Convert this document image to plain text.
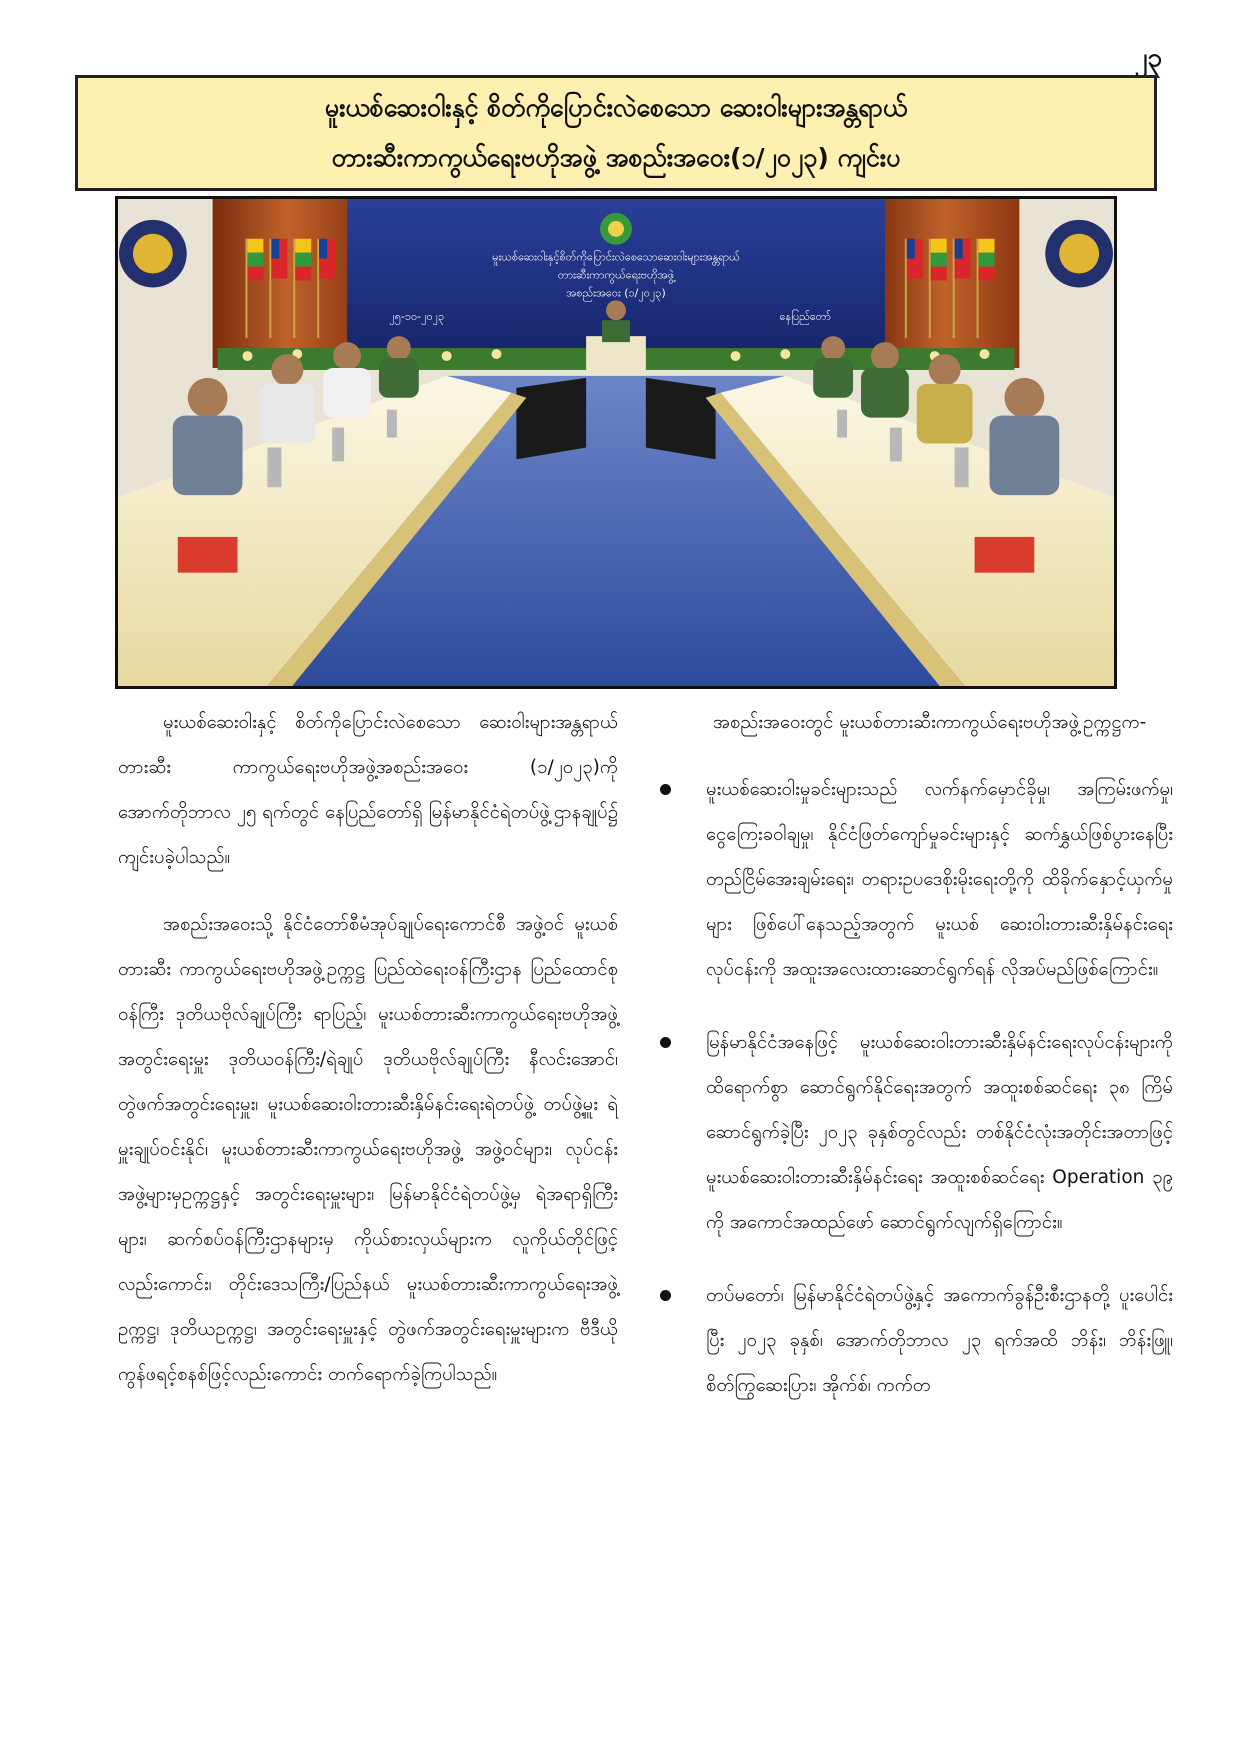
၂၃
မူးယစ်ဆေးဝါးနှင့် စိတ်ကိုပြောင်းလဲစေသော ဆေးဝါးများအန္တရာယ်
တားဆီးကာကွယ်ရေးဗဟိုအဖွဲ့ အစည်းအဝေး(၁/၂၀၂၃) ကျင်းပ
မူးယစ်ဆေးဝါးနှင့်စိတ်ကိုပြောင်းလဲစေသောဆေးဝါးများအန္တရာယ်
တားဆီးကာကွယ်ရေးဗဟိုအဖွဲ့
အစည်းအဝေး (၁/၂၀၂၃)
၂၅-၁၀-၂၀၂၃	နေပြည်တော်

မူးယစ်ဆေးဝါးနှင့် စိတ်ကိုပြောင်းလဲစေသော ဆေးဝါးများအန္တရာယ် တားဆီး ကာကွယ်ရေးဗဟိုအဖွဲ့အစည်းအဝေး (၁/၂၀၂၃)ကို အောက်တိုဘာလ ၂၅ ရက်တွင် နေပြည်တော်ရှိ မြန်မာနိုင်ငံရဲတပ်ဖွဲ့ဌာနချုပ်၌ ကျင်းပခဲ့ပါသည်။

အစည်းအဝေးသို့ နိုင်ငံတော်စီမံအုပ်ချုပ်ရေးကောင်စီ အဖွဲ့ဝင် မူးယစ်တားဆီး ကာကွယ်ရေးဗဟိုအဖွဲ့ဥက္ကဋ္ဌ ပြည်ထဲရေးဝန်ကြီးဌာန ပြည်ထောင်စုဝန်ကြီး ဒုတိယဗိုလ်ချုပ်ကြီး ရာပြည့်၊ မူးယစ်တားဆီးကာကွယ်ရေးဗဟိုအဖွဲ့အတွင်းရေးမှူး ဒုတိယဝန်ကြီး/ရဲချုပ် ဒုတိယဗိုလ်ချုပ်ကြီး နီလင်းအောင်၊ တွဲဖက်အတွင်းရေးမှူး၊ မူးယစ်ဆေးဝါးတားဆီးနှိမ်နင်းရေးရဲတပ်ဖွဲ့ တပ်ဖွဲ့မှူး ရဲမှူးချုပ်ဝင်းနိုင်၊ မူးယစ်တားဆီးကာကွယ်ရေးဗဟိုအဖွဲ့ အဖွဲ့ဝင်များ၊ လုပ်ငန်းအဖွဲ့များမှဥက္ကဋ္ဌနှင့် အတွင်းရေးမှူးများ၊ မြန်မာနိုင်ငံရဲတပ်ဖွဲ့မှ ရဲအရာရှိကြီးများ၊ ဆက်စပ်ဝန်ကြီးဌာနများမှ ကိုယ်စားလှယ်များက လူကိုယ်တိုင်ဖြင့်လည်းကောင်း၊ တိုင်းဒေသကြီး/ပြည်နယ် မူးယစ်တားဆီးကာကွယ်ရေးအဖွဲ့ဥက္ကဋ္ဌ၊ ဒုတိယဥက္ကဋ္ဌ၊ အတွင်းရေးမှူးနှင့် တွဲဖက်အတွင်းရေးမှူးများက ဗီဒီယိုကွန်ဖရင့်စနစ်ဖြင့်လည်းကောင်း တက်ရောက်ခဲ့ကြပါသည်။

အစည်းအဝေးတွင် မူးယစ်တားဆီးကာကွယ်ရေးဗဟိုအဖွဲ့ဥက္ကဋ္ဌက-

မူးယစ်ဆေးဝါးမှုခင်းများသည် လက်နက်မှောင်ခိုမှု၊ အကြမ်းဖက်မှု၊ ငွေကြေးခဝါချမှု၊ နိုင်ငံဖြတ်ကျော်မှုခင်းများနှင့် ဆက်နွှယ်ဖြစ်ပွားနေပြီး တည်ငြိမ်အေးချမ်းရေး၊ တရားဥပဒေစိုးမိုးရေးတို့ကို ထိခိုက်နှောင့်ယှက်မှုများ ဖြစ်ပေါ်နေသည့်အတွက် မူးယစ် ဆေးဝါးတားဆီးနှိမ်နင်းရေးလုပ်ငန်းကို အထူးအလေးထားဆောင်ရွက်ရန် လိုအပ်မည်ဖြစ်ကြောင်း။
မြန်မာနိုင်ငံအနေဖြင့် မူးယစ်ဆေးဝါးတားဆီးနှိမ်နင်းရေးလုပ်ငန်းများကို ထိရောက်စွာ ဆောင်ရွက်နိုင်ရေးအတွက် အထူးစစ်ဆင်ရေး ၃၈ ကြိမ်ဆောင်ရွက်ခဲ့ပြီး ၂၀၂၃ ခုနှစ်တွင်လည်း တစ်နိုင်ငံလုံးအတိုင်းအတာဖြင့် မူးယစ်ဆေးဝါးတားဆီးနှိမ်နင်းရေး အထူးစစ်ဆင်ရေး Operation ၃၉ ကို အကောင်အထည်ဖော် ဆောင်ရွက်လျက်ရှိကြောင်း။
တပ်မတော်၊ မြန်မာနိုင်ငံရဲတပ်ဖွဲ့နှင့် အကောက်ခွန်ဦးစီးဌာနတို့ ပူးပေါင်းပြီး ၂၀၂၃ ခုနှစ်၊ အောက်တိုဘာလ ၂၃ ရက်အထိ ဘိန်း၊ ဘိန်းဖြူ၊ စိတ်ကြွဆေးပြား၊ အိုက်စ်၊ ကက်တ
